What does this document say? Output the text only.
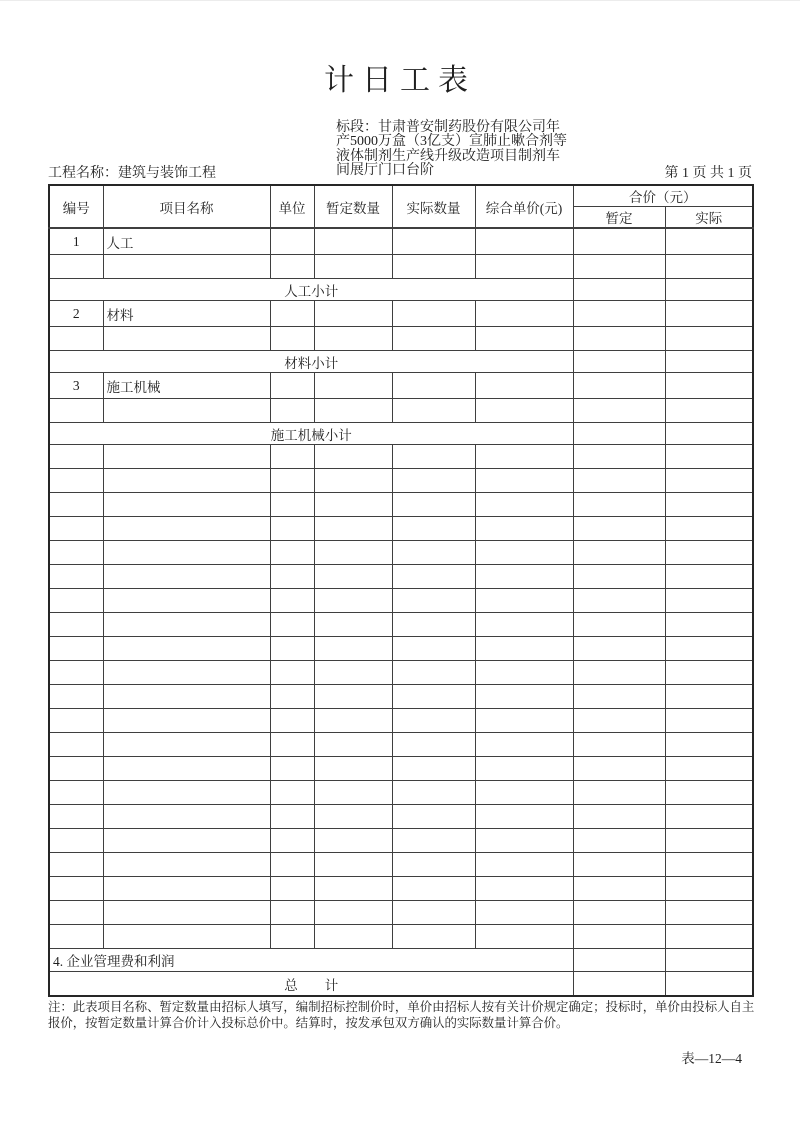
计日工表
标段：甘肃普安制药股份有限公司年产5000万盒（3亿支）宣肺止嗽合剂等液体制剂生产线升级改造项目制剂车间展厅门口台阶
工程名称：建筑与装饰工程	第 1 页 共 1 页
编号	项目名称	单位	暂定数量	实际数量	综合单价(元)	合价（元）	
						暂定	实际
1	人工						

人工小计							
2	材料						

材料小计							
3	施工机械						

施工机械小计							

4. 企业管理费和利润							
总　　计							
注：此表项目名称、暂定数量由招标人填写，编制招标控制价时，单价由招标人按有关计价规定确定；投标时，单价由投标人自主报价，按暂定数量计算合价计入投标总价中。结算时，按发承包双方确认的实际数量计算合价。
表—12—4
